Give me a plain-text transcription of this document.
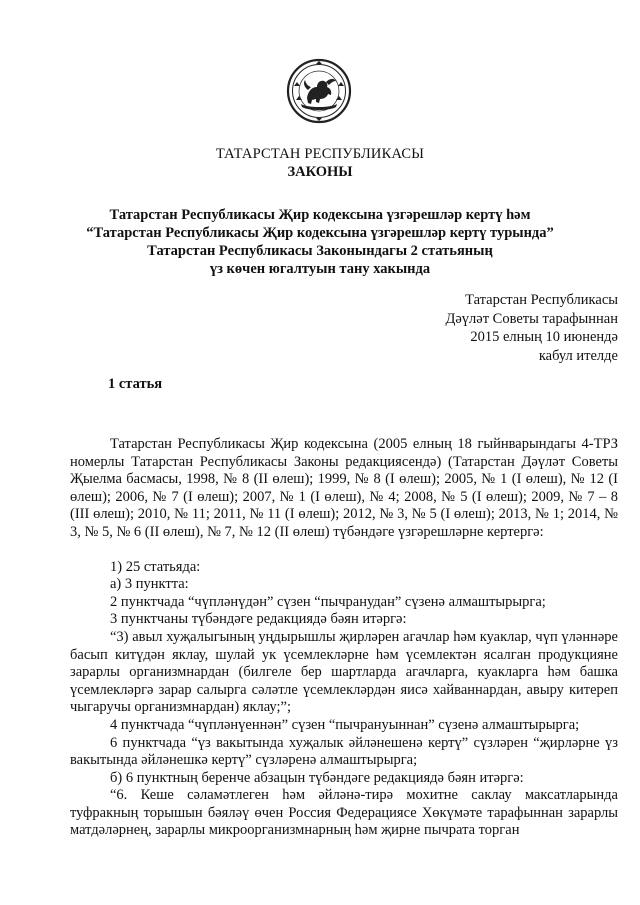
ТАТАРСТАН РЕСПУБЛИКАСЫ
ЗАКОНЫ
Татарстан Республикасы Җир кодексына үзгәрешләр кертү һәм
“Татарстан Республикасы Җир кодексына үзгәрешләр кертү турында”
Татарстан Республикасы Законындагы 2 статьяның
үз көчен югалтуын тану хакында
Татарстан Республикасы
Дәүләт Советы тарафыннан
2015 елның 10 июнендә
кабул ителде
1 статья

Татарстан Республикасы Җир кодексына (2005 елның 18 гыйнварындагы 4-ТРЗ номерлы Татарстан Республикасы Законы редакциясендә) (Татарстан Дәүләт Советы Җыелма басмасы, 1998, № 8 (II өлеш); 1999, № 8 (I өлеш); 2005, № 1 (I өлеш), № 12 (I өлеш); 2006, № 7 (I өлеш); 2007, № 1 (I өлеш), № 4; 2008, № 5 (I өлеш); 2009, № 7 – 8 (III өлеш); 2010, № 11; 2011, № 11 (I өлеш); 2012, № 3, № 5 (I өлеш); 2013, № 1; 2014, № 3, № 5, № 6 (II өлеш), № 7, № 12 (II өлеш) түбәндәге үзгәрешләрне кертергә:

1) 25 статьяда:

а) 3 пунктта:

2 пунктчада “чүпләнүдән” сүзен “пычранудан” сүзенә алмаштырырга;

3 пунктчаны түбәндәге редакциядә бәян итәргә:

“3) авыл хуҗалыгының уңдырышлы җирләрен агачлар һәм куаклар, чүп үләннәре басып китүдән яклау, шулай ук үсемлекләрне һәм үсемлектән ясалган продукцияне зарарлы организмнардан (билгеле бер шартларда агачларга, куакларга һәм башка үсемлекләргә зарар салырга сәләтле үсемлекләрдән яисә хайваннардан, авыру китереп чыгаручы организмнардан) яклау;”;

4 пунктчада “чүпләнүеннән” сүзен “пычрануыннан” сүзенә алмаштырырга;

6 пунктчада “үз вакытында хуҗалык әйләнешенә кертү” сүзләрен “җирләрне үз вакытында әйләнешкә кертү” сүзләренә алмаштырырга;

б) 6 пунктның беренче абзацын түбәндәге редакциядә бәян итәргә:

“6. Кеше сәламәтлеген һәм әйләнә-тирә мохитне саклау максатларында туфракның торышын бәяләү өчен Россия Федерациясе Хөкүмәте тарафыннан зарарлы матдәләрнең, зарарлы микроорганизмнарның һәм җирне пычрата торган
